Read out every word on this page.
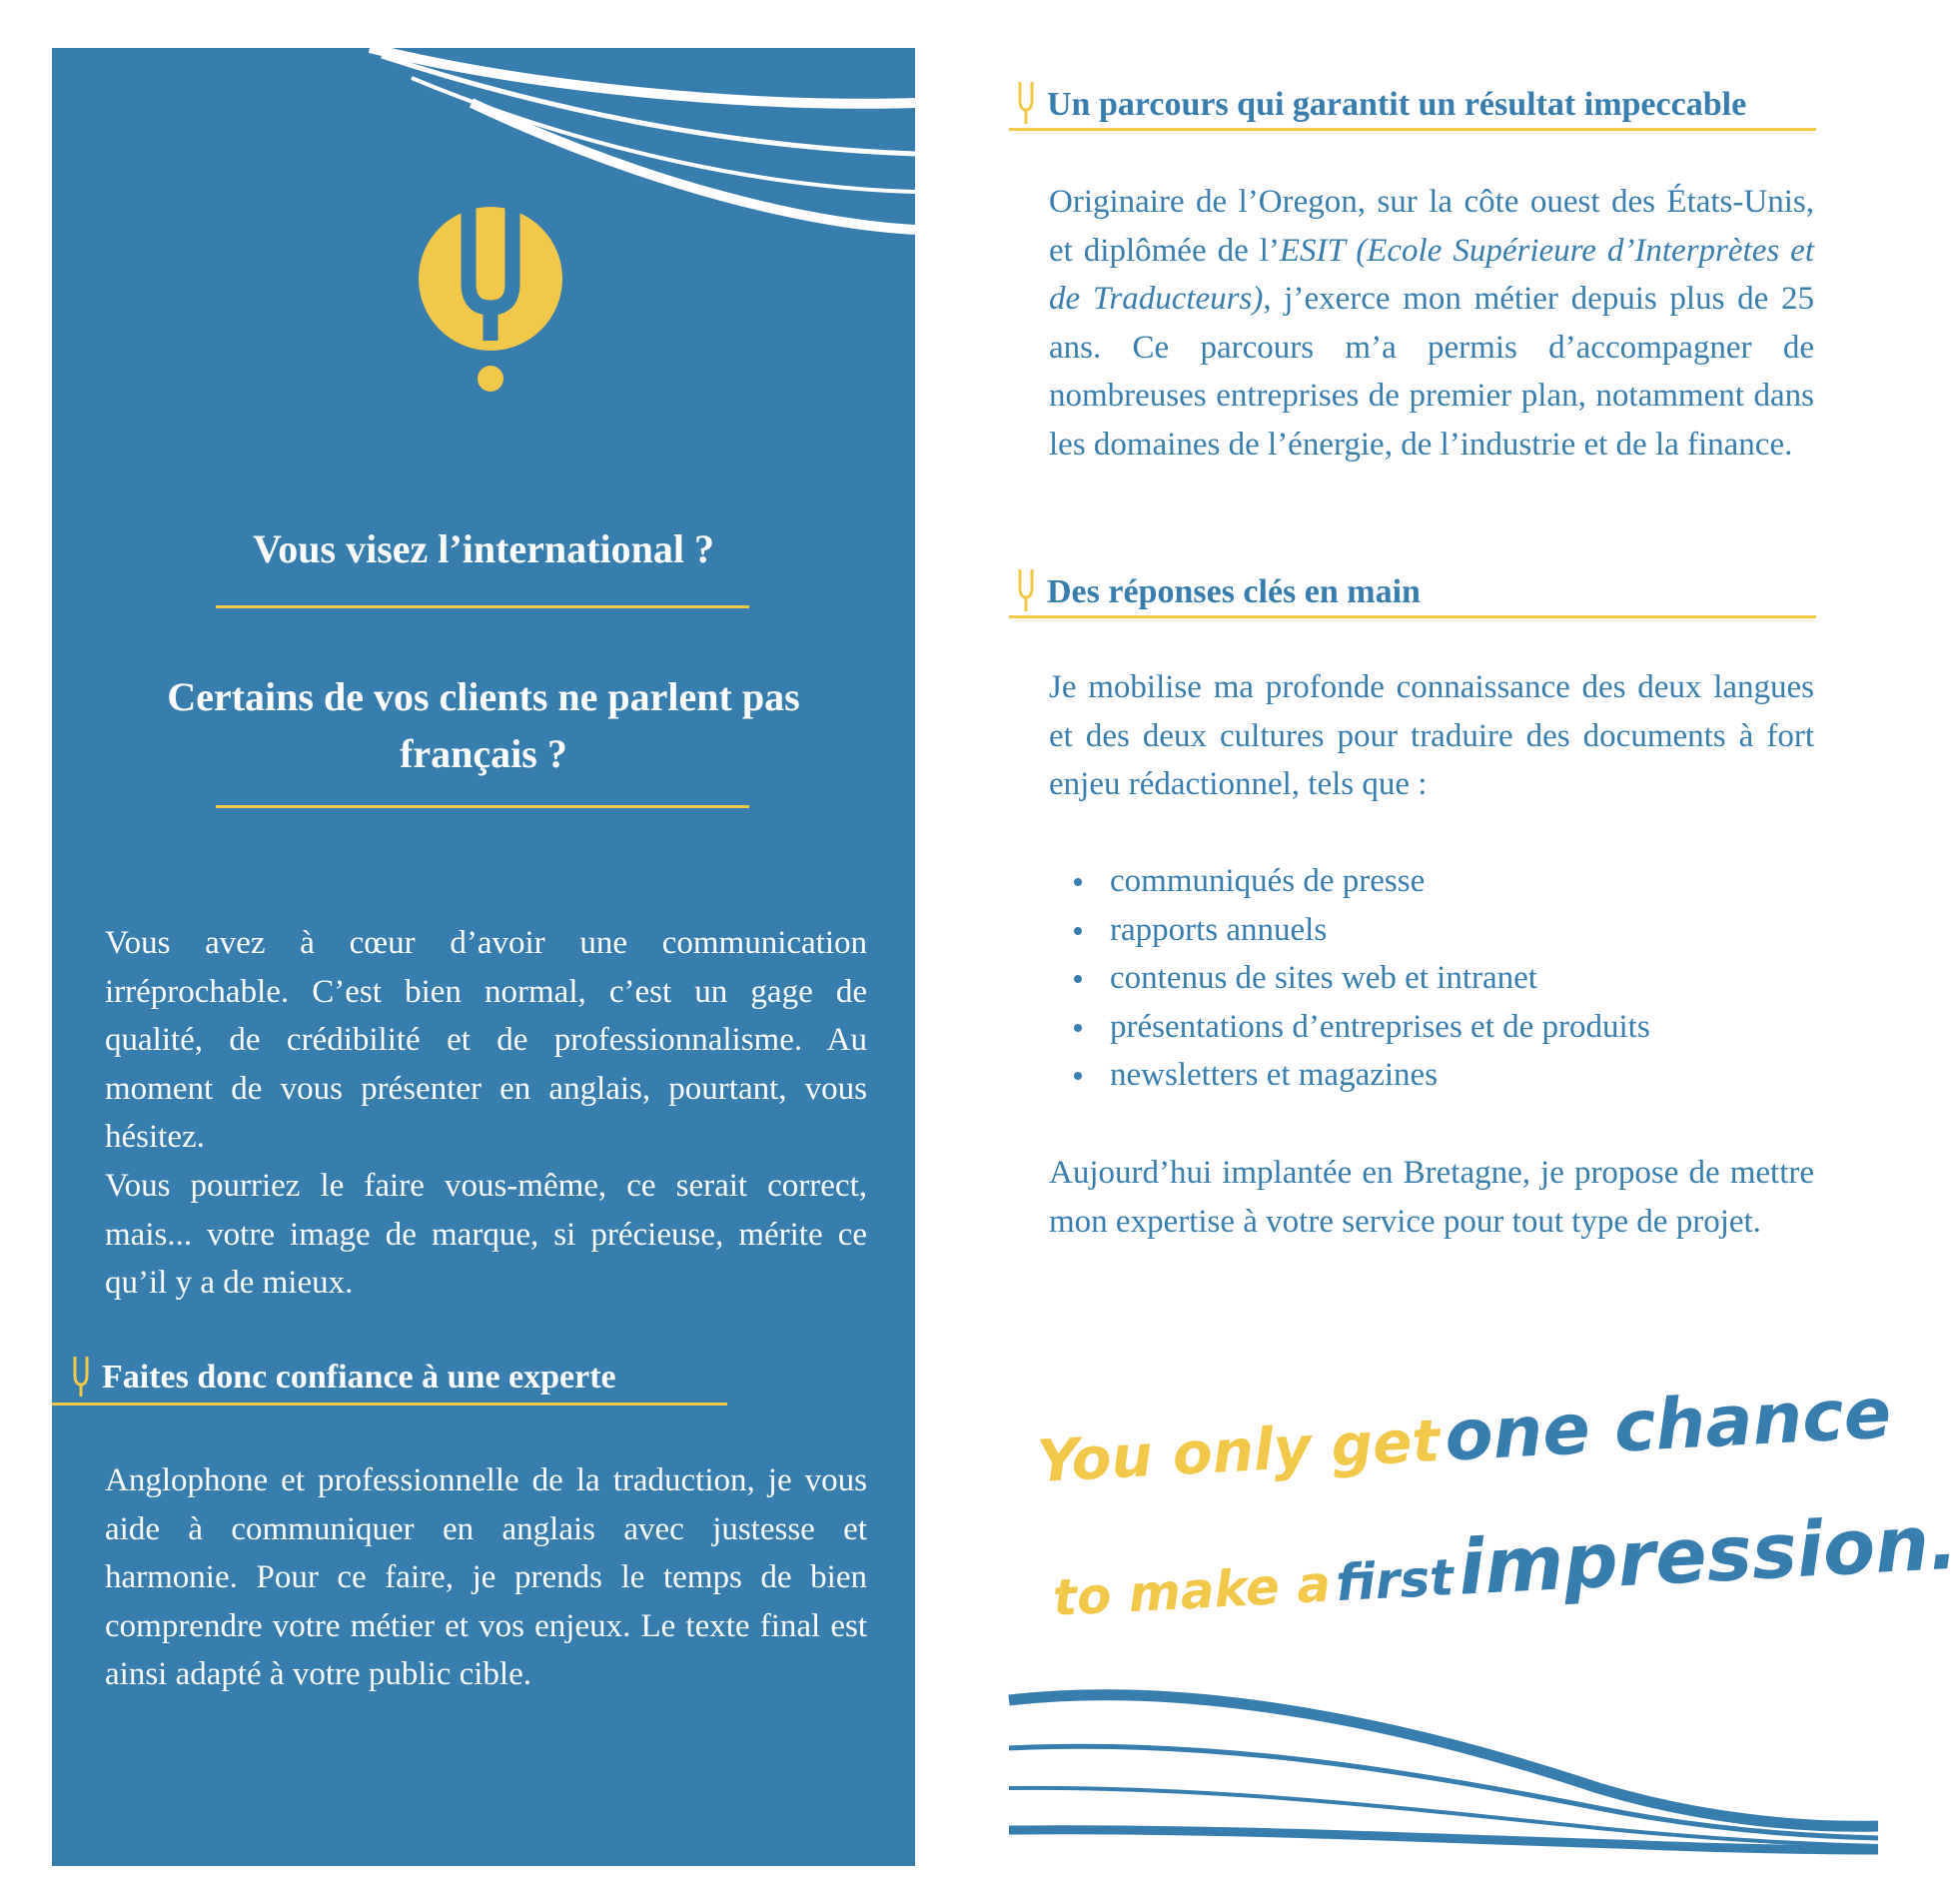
Vous visez l’international ?
Certains de vos clients ne parlent pas français ?

Vous avez à cœur d’avoir une communication irréprochable. C’est bien normal, c’est un gage de qualité, de crédibilité et de professionnalisme. Au moment de vous présenter en anglais, pourtant, vous hésitez.

Vous pourriez le faire vous-même, ce serait correct, mais... votre image de marque, si précieuse, mérite ce qu’il y a de mieux.

Faites donc confiance à une experte
Anglophone et professionnelle de la traduction, je vous aide à communiquer en anglais avec justesse et harmonie. Pour ce faire, je prends le temps de bien comprendre votre métier et vos enjeux. Le texte final est ainsi adapté à votre public cible.
Un parcours qui garantit un résultat impeccable

Originaire de l’Oregon, sur la côte ouest des États-Unis, et diplômée de l’ESIT (Ecole Supérieure d’Interprètes et de Traducteurs), j’exerce mon métier depuis plus de 25 ans. Ce parcours m’a permis d’accompagner de nombreuses entreprises de premier plan, notamment dans les domaines de l’énergie, de l’industrie et de la finance.

Des réponses clés en main

Je mobilise ma profonde connaissance des deux langues et des deux cultures pour traduire des documents à fort enjeu rédactionnel, tels que :

communiqués de presse
rapports annuels
contenus de sites web et intranet
présentations d’entreprises et de produits
newsletters et magazines

Aujourd’hui implantée en Bretagne, je propose de mettre mon expertise à votre service pour tout type de projet.

You only get one chance
to make a first impression.
